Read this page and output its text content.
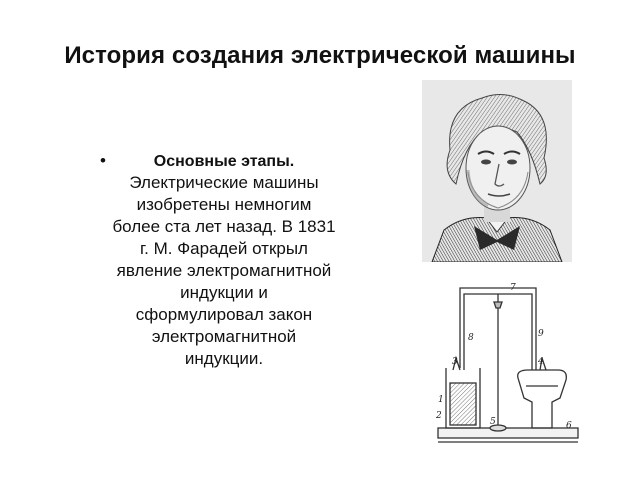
История создания электрической машины
•	Основные этапы.
Электрические машины
изобретены немногим
более ста лет назад. В 1831
г. М. Фарадей открыл
явление электромагнитной
индукции и
сформулировал закон
электромагнитной
индукции.
1
2
3	4
5	6
7
8	9
